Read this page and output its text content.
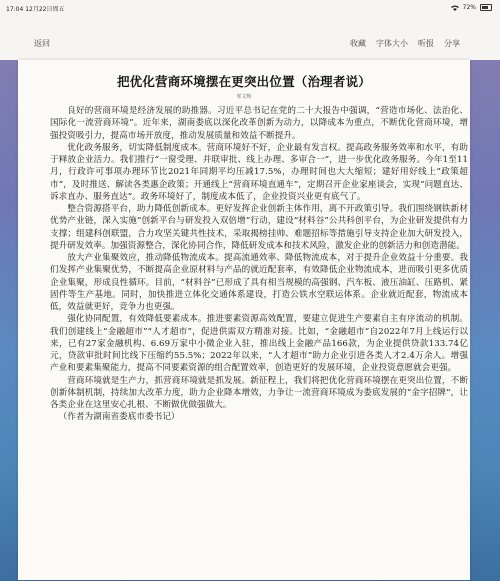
17:04 12月22日周五	72%
返回	收藏 字体大小 听报 分享
把优化营商环境摆在更突出位置（治理者说）
邹文辉

良好的营商环境是经济发展的助推器。习近平总书记在党的二十大报告中强调，“营造市场化、法治化、国际化一流营商环境”。近年来，湖南娄底以深化改革创新为动力，以降成本为重点，不断优化营商环境，增强投资吸引力，提高市场开放度，推动发展质量和效益不断提升。

优化政务服务，切实降低制度成本。营商环境好不好，企业最有发言权。提高政务服务效率和水平，有助于释放企业活力。我们推行“一窗受理、并联审批、线上办理、多审合一”，进一步优化政务服务。今年1至11月，行政许可事项办理环节比2021年同期平均压减17.5%，办理时间也大大缩短；建好用好线上“政策超市”，及时推送、解读各类惠企政策；开通线上“营商环境直通车”，定期召开企业家座谈会，实现“问题直达、诉求直办、服务直达”。政务环境好了，制度成本低了，企业投资兴业更有底气了。

整合资源搭平台，助力降低创新成本。更好发挥企业创新主体作用，离不开政策引导。我们围绕钢铁新材优势产业链，深入实施“创新平台与研发投入双倍增”行动，建设“材料谷”公共科创平台，为企业研发提供有力支撑；组建科创联盟，合力攻坚关键共性技术，采取揭榜挂帅、难题招标等措施引导支持企业加大研发投入，提升研发效率。加强资源整合，深化协同合作，降低研发成本和技术风险，激发企业的创新活力和创造潜能。

放大产业集聚效应，推动降低物流成本。提高流通效率、降低物流成本，对于提升企业效益十分重要。我们发挥产业集聚优势，不断提高企业原材料与产品的就近配套率，有效降低企业物流成本，进而吸引更多优质企业集聚，形成良性循环。目前，“材料谷”已形成了具有相当规模的高强钢、汽车板、液压油缸、压路机、紧固件等生产基地。同时，加快推进立体化交通体系建设，打造公铁水空联运体系。企业就近配套，物流成本低，效益就更好，竞争力也更强。

强化协同配置，有效降低要素成本。推进要素资源高效配置，要建立促进生产要素自主有序流动的机制。我们创建线上“金融超市”“人才超市”，促进供需双方精准对接。比如，“金融超市”自2022年7月上线运行以来，已有27家金融机构、6.69万家中小微企业入驻，推出线上金融产品166款，为企业提供贷款133.74亿元，贷款审批时间比线下压缩约55.5%；2022年以来，“人才超市”助力企业引进各类人才2.4万余人。增强产业和要素集聚能力，提高不同要素资源的组合配置效率，创造更好的发展环境，企业投资意愿就会更强。

营商环境就是生产力，抓营商环境就是抓发展。新征程上，我们将把优化营商环境摆在更突出位置，不断创新体制机制，持续加大改革力度，助力企业降本增效，力争让一流营商环境成为娄底发展的“金字招牌”，让各类企业在这里安心扎根、不断做优做强做大。

（作者为湖南省娄底市委书记）
